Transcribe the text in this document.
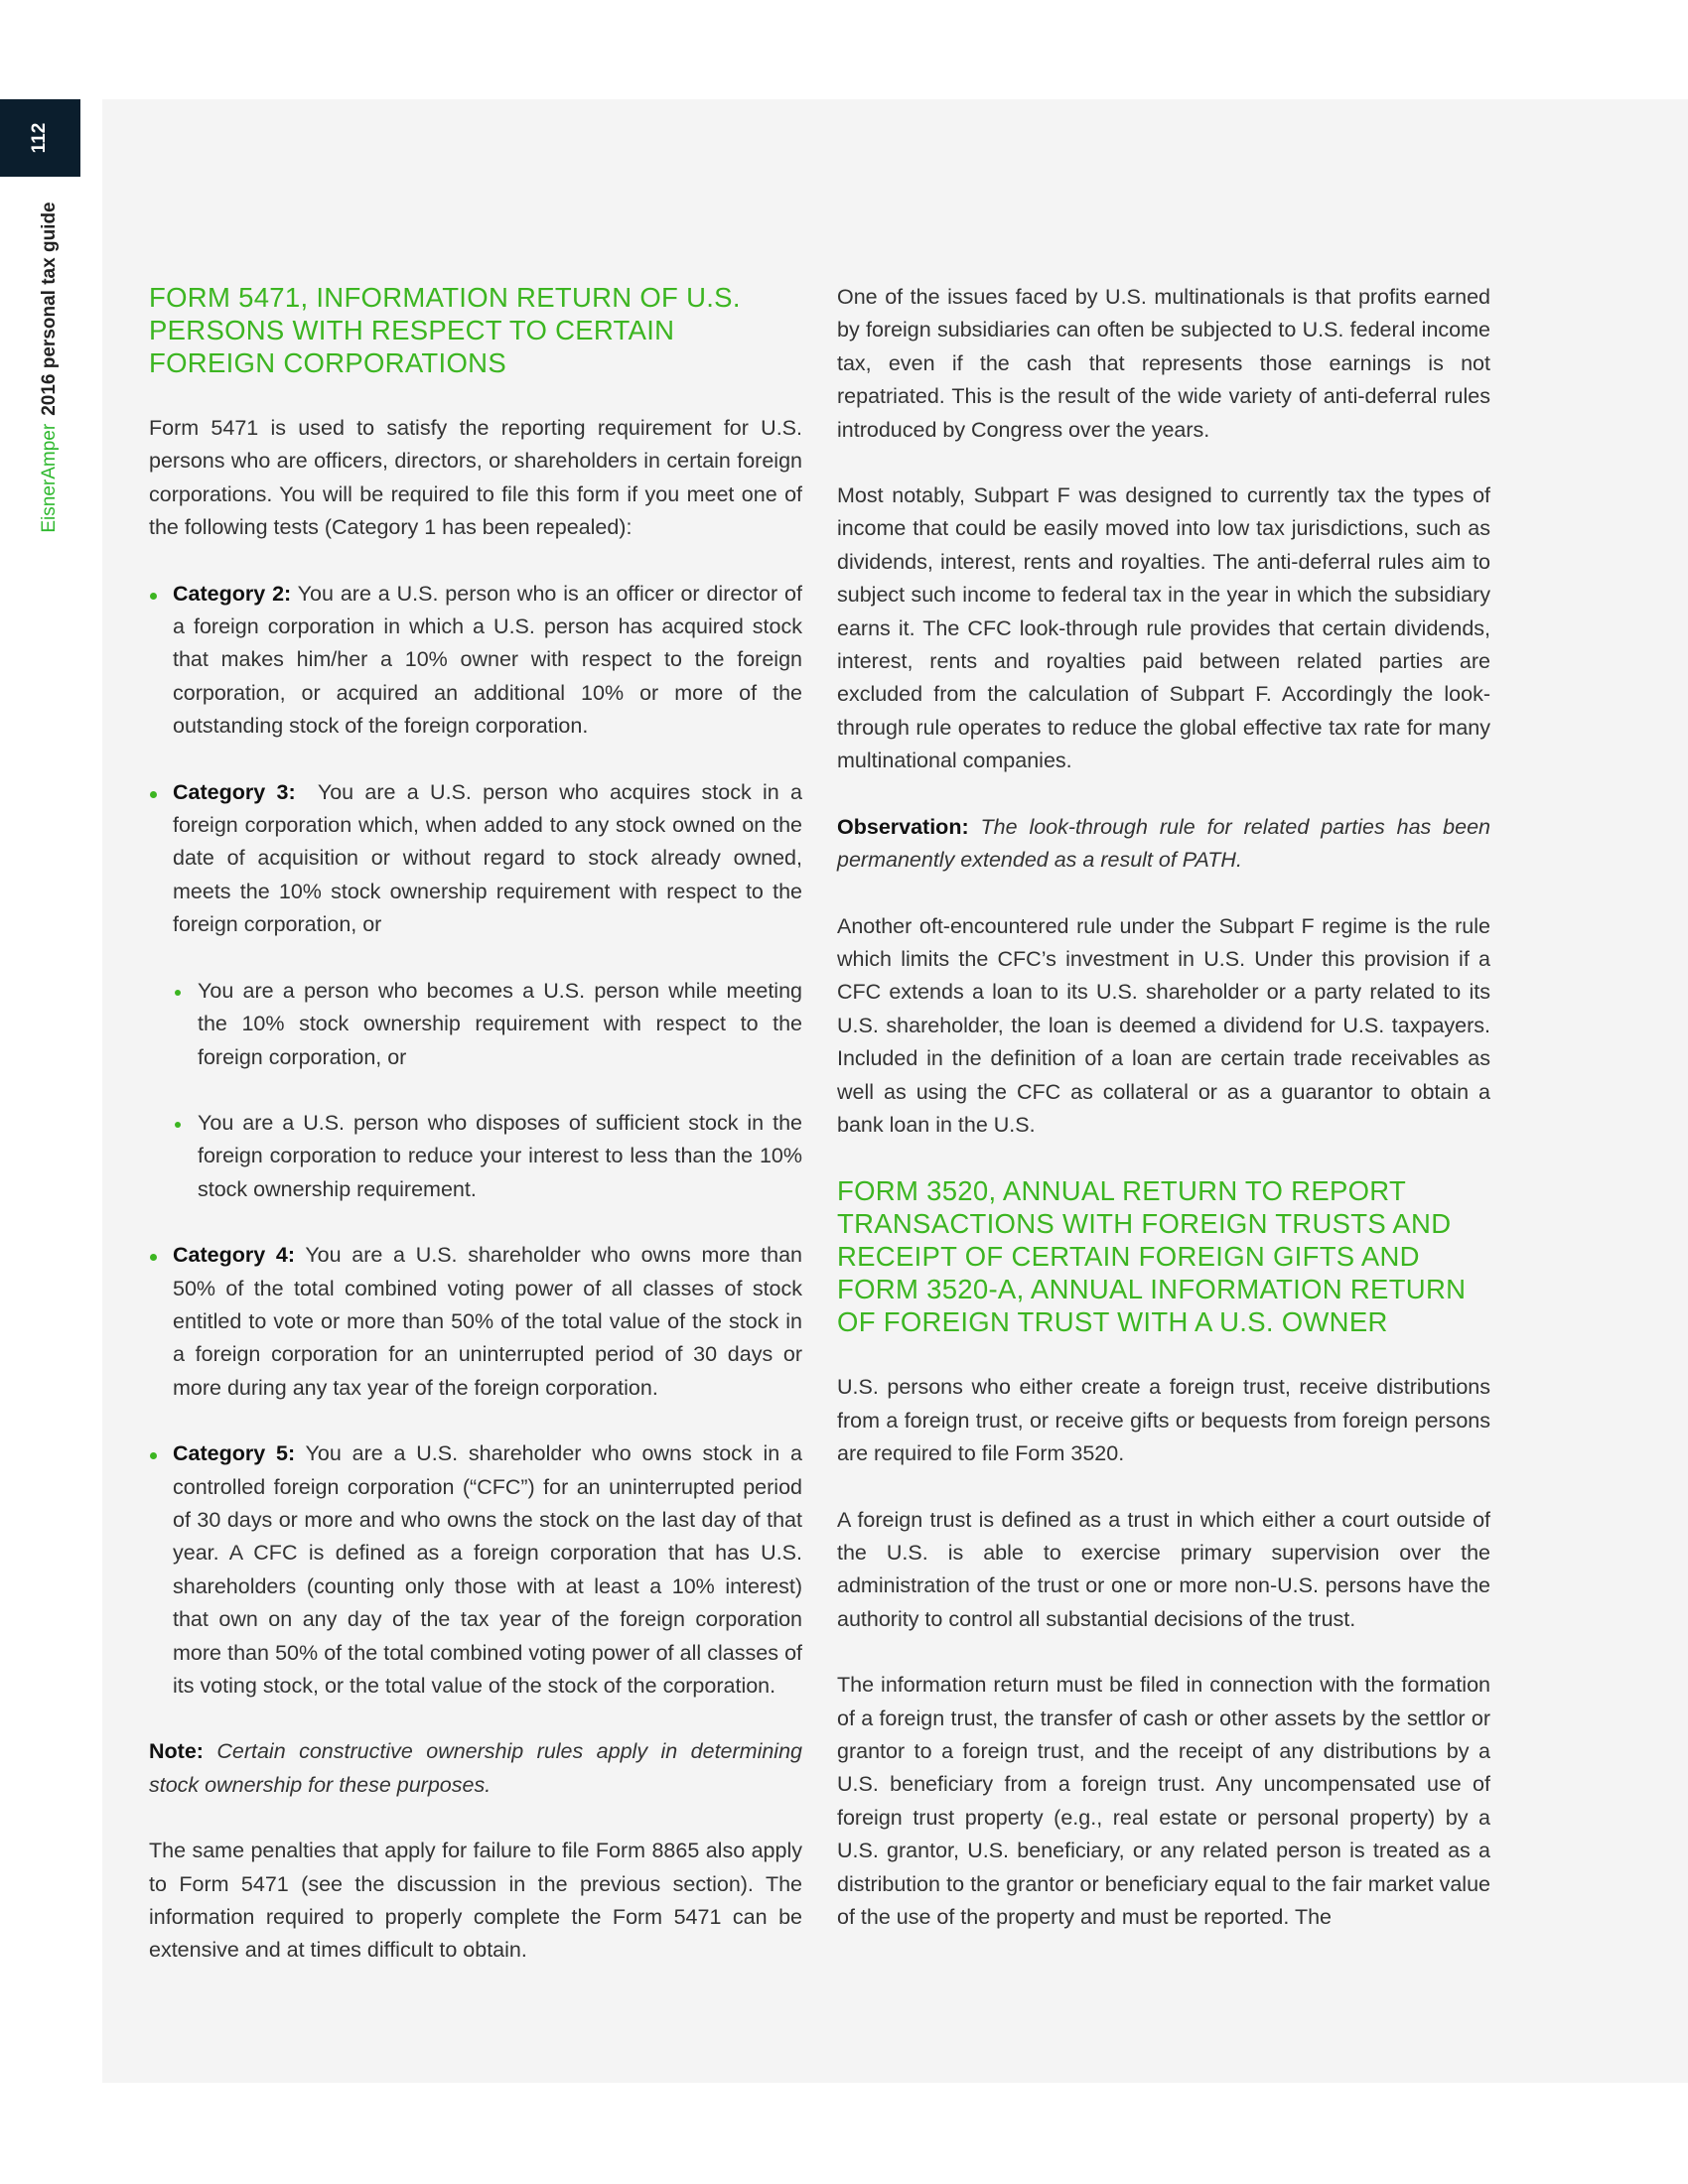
112
EisnerAmper2016 personal tax guide	FORM 5471, INFORMATION RETURN OF U.S. PERSONS WITH RESPECT TO CERTAIN FOREIGN CORPORATIONS

Form 5471 is used to satisfy the reporting requirement for U.S. persons who are officers, directors, or shareholders in certain foreign corporations. You will be required to file this form if you meet one of the following tests (Category 1 has been repealed):

Category 2: You are a U.S. person who is an officer or director of a foreign corporation in which a U.S. person has acquired stock that makes him/her a 10% owner with respect to the foreign corporation, or acquired an additional 10% or more of the outstanding stock of the foreign corporation.
Category 3:  You are a U.S. person who acquires stock in a foreign corporation which, when added to any stock owned on the date of acquisition or without regard to stock already owned, meets the 10% stock ownership requirement with respect to the foreign corporation, or
You are a person who becomes a U.S. person while meeting the 10% stock ownership requirement with respect to the foreign corporation, or
You are a U.S. person who disposes of sufficient stock in the foreign corporation to reduce your interest to less than the 10% stock ownership requirement.
Category 4: You are a U.S. shareholder who owns more than 50% of the total combined voting power of all classes of stock entitled to vote or more than 50% of the total value of the stock in a foreign corporation for an uninterrupted period of 30 days or more during any tax year of the foreign corporation.
Category 5: You are a U.S. shareholder who owns stock in a controlled foreign corporation (“CFC”) for an uninterrupted period of 30 days or more and who owns the stock on the last day of that year. A CFC is defined as a foreign corporation that has U.S. shareholders (counting only those with at least a 10% interest) that own on any day of the tax year of the foreign corporation more than 50% of the total combined voting power of all classes of its voting stock, or the total value of the stock of the corporation.

Note: Certain constructive ownership rules apply in determining stock ownership for these purposes.

The same penalties that apply for failure to file Form 8865 also apply to Form 5471 (see the discussion in the previous section). The information required to properly complete the Form 5471 can be extensive and at times difficult to obtain.

One of the issues faced by U.S. multinationals is that profits earned by foreign subsidiaries can often be subjected to U.S. federal income tax, even if the cash that represents those earnings is not repatriated. This is the result of the wide variety of anti-deferral rules introduced by Congress over the years.

Most notably, Subpart F was designed to currently tax the types of income that could be easily moved into low tax jurisdictions, such as dividends, interest, rents and royalties. The anti-deferral rules aim to subject such income to federal tax in the year in which the subsidiary earns it. The CFC look-through rule provides that certain dividends, interest, rents and royalties paid between related parties are excluded from the calculation of Subpart F. Accordingly the look-through rule operates to reduce the global effective tax rate for many multinational companies.

Observation: The look-through rule for related parties has been permanently extended as a result of PATH.

Another oft-encountered rule under the Subpart F regime is the rule which limits the CFC’s investment in U.S. Under this provision if a CFC extends a loan to its U.S. shareholder or a party related to its U.S. shareholder, the loan is deemed a dividend for U.S. taxpayers. Included in the definition of a loan are certain trade receivables as well as using the CFC as collateral or as a guarantor to obtain a bank loan in the U.S.

FORM 3520, ANNUAL RETURN TO REPORT TRANSACTIONS WITH FOREIGN TRUSTS AND RECEIPT OF CERTAIN FOREIGN GIFTS AND FORM 3520-A, ANNUAL INFORMATION RETURN OF FOREIGN TRUST WITH A U.S. OWNER

U.S. persons who either create a foreign trust, receive distributions from a foreign trust, or receive gifts or bequests from foreign persons are required to file Form 3520.

A foreign trust is defined as a trust in which either a court outside of the U.S. is able to exercise primary supervision over the administration of the trust or one or more non-U.S. persons have the authority to control all substantial decisions of the trust.

The information return must be filed in connection with the formation of a foreign trust, the transfer of cash or other assets by the settlor or grantor to a foreign trust, and the receipt of any distributions by a U.S. beneficiary from a foreign trust. Any uncompensated use of foreign trust property (e.g., real estate or personal property) by a U.S. grantor, U.S. beneficiary, or any related person is treated as a distribution to the grantor or beneficiary equal to the fair market value of the use of the property and must be reported. The
